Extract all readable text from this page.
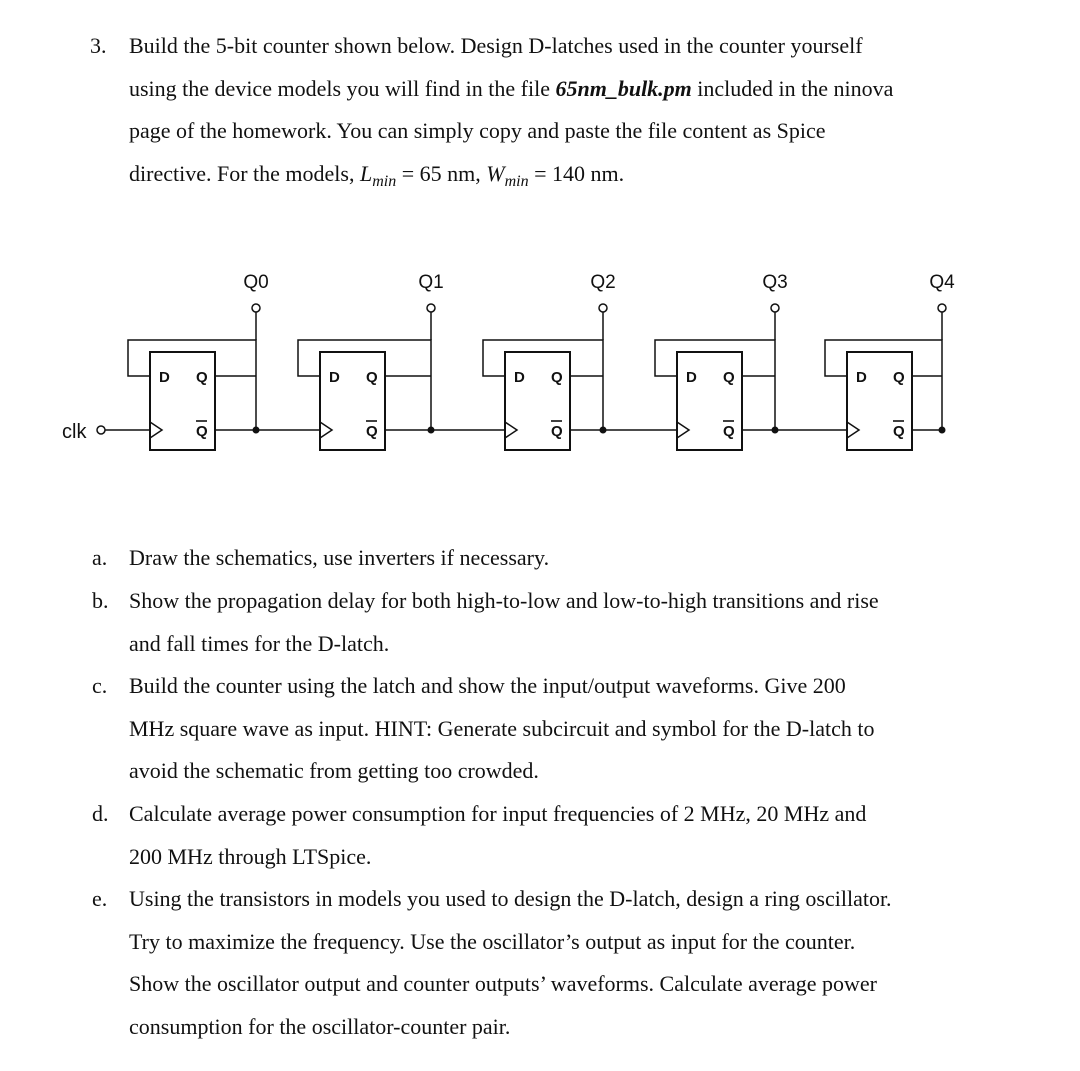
3. Build the 5-bit counter shown below. Design D-latches used in the counter yourself
using the device models you will find in the file 65nm_bulk.pm included in the ninova
page of the homework. You can simply copy and paste the file content as Spice
directive. For the models, $L_{min} = 65$ nm, $W_{min} = 140$ nm.
clk
D Q
Q
Q0
D Q
Q
Q1
D Q
Q
Q2
D Q
Q
Q3
D Q
Q
Q4
a. Draw the schematics, use inverters if necessary.
b. Show the propagation delay for both high-to-low and low-to-high transitions and rise
and fall times for the D-latch.
c. Build the counter using the latch and show the input/output waveforms. Give 200
MHz square wave as input. HINT: Generate subcircuit and symbol for the D-latch to
avoid the schematic from getting too crowded.
d. Calculate average power consumption for input frequencies of 2 MHz, 20 MHz and
200 MHz through LTSpice.
e. Using the transistors in models you used to design the D-latch, design a ring oscillator.
Try to maximize the frequency. Use the oscillator’s output as input for the counter.
Show the oscillator output and counter outputs’ waveforms. Calculate average power
consumption for the oscillator-counter pair.
